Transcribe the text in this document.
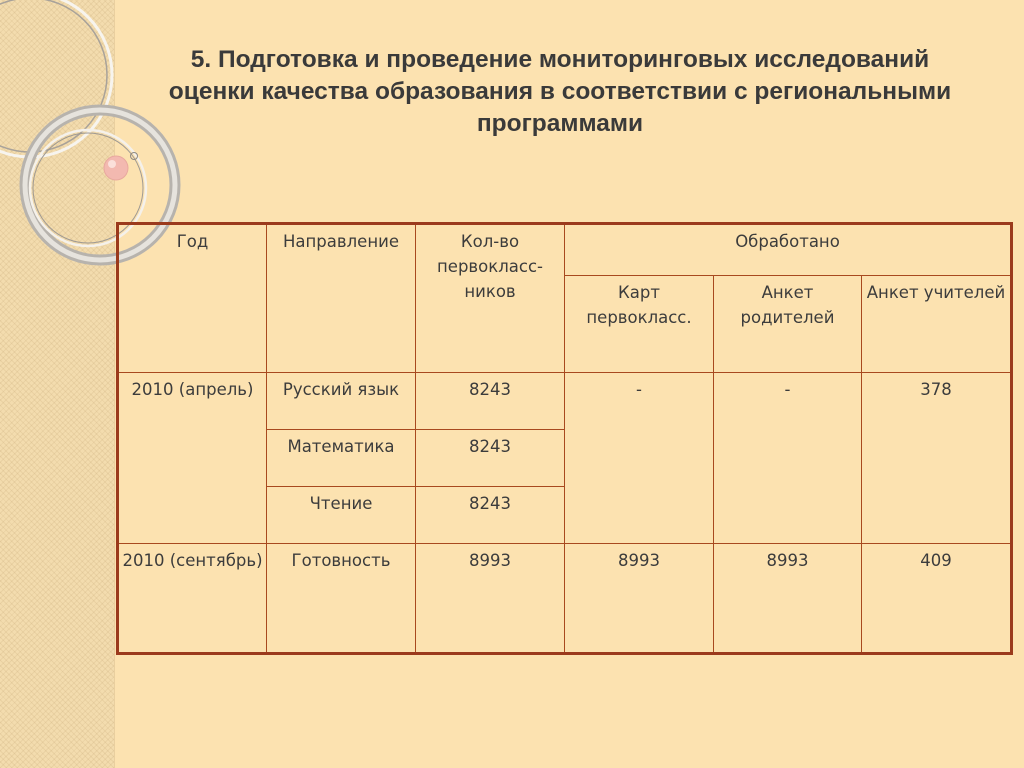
5. Подготовка и проведение мониторинговых исследований оценки качества образования в соответствии с региональными программами
Год	Направление	Кол-во первокласс-ников	Обработано		
			Карт первокласс.	Анкет родителей	Анкет учителей
2010 (апрель)	Русский язык	8243	-	-	378
	Математика	8243			
	Чтение	8243			
2010 (сентябрь)	Готовность	8993	8993	8993	409
